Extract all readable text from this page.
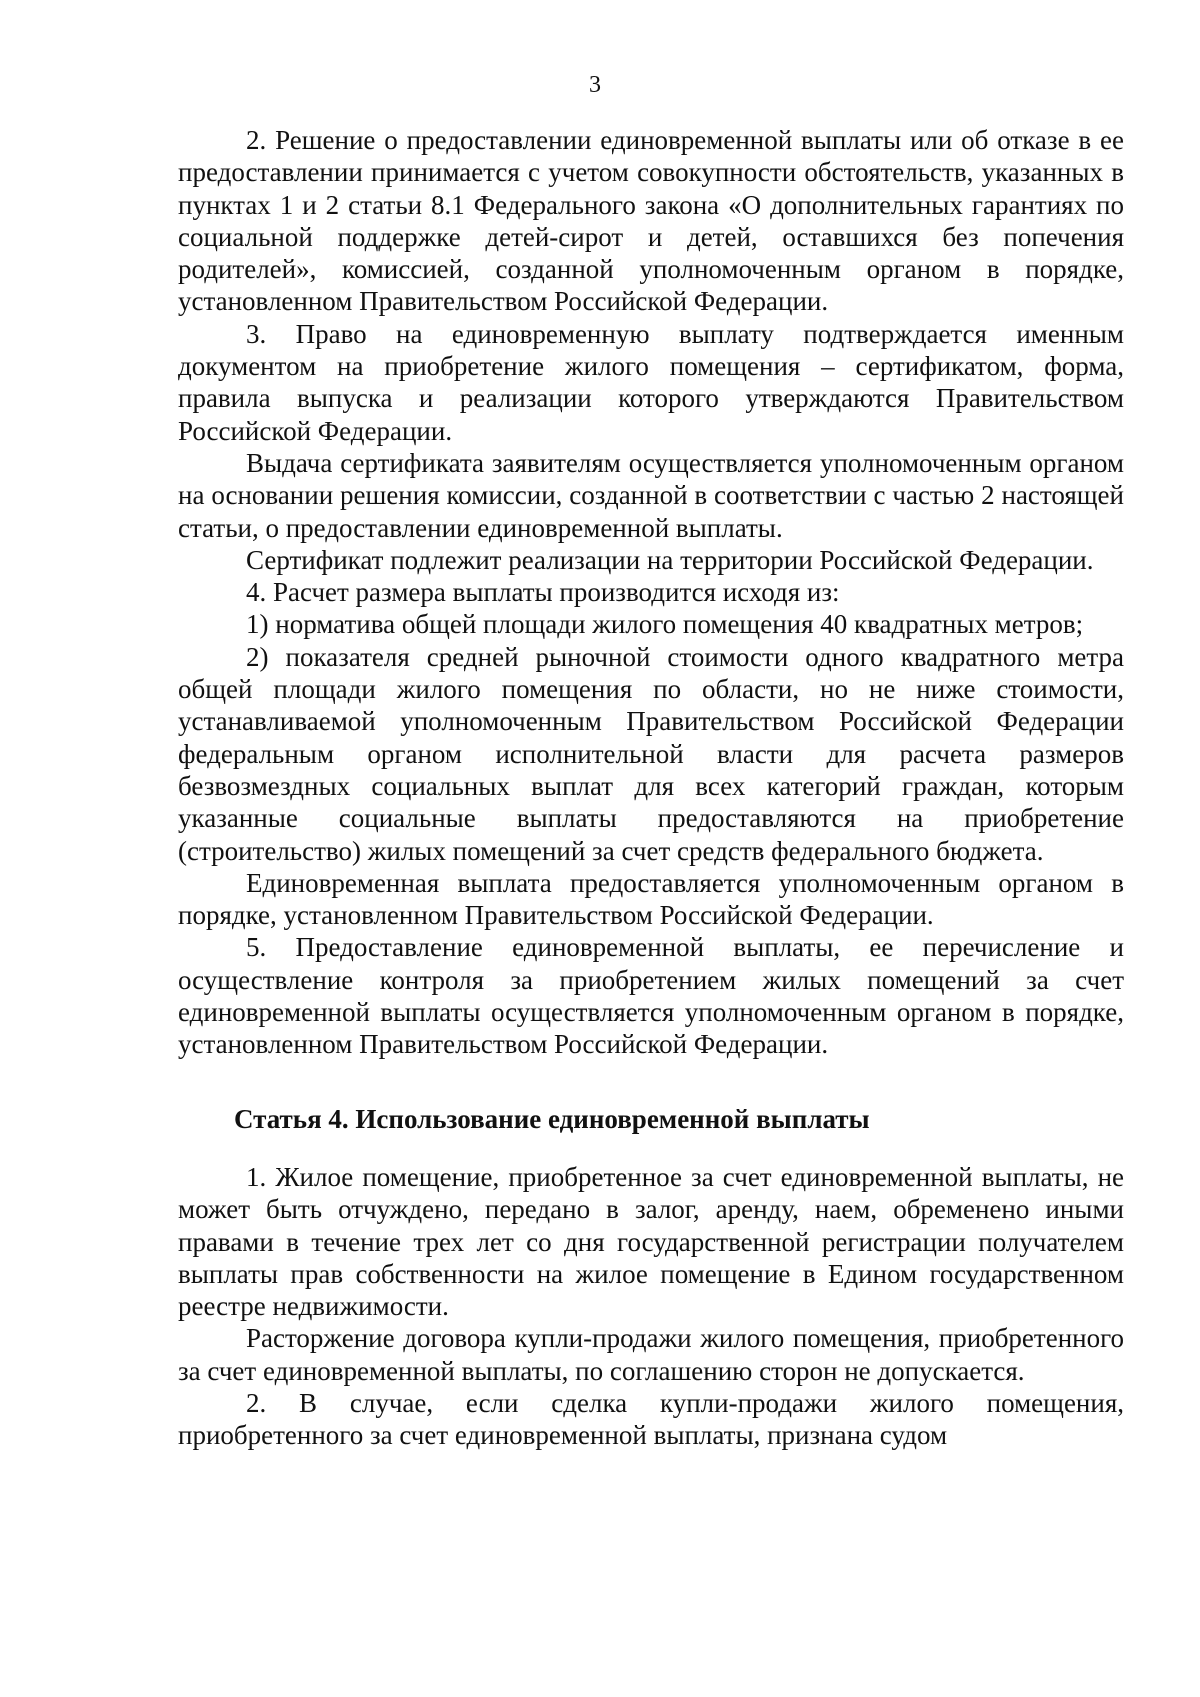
3

2. Решение о предоставлении единовременной выплаты или об отказе в ее предоставлении принимается с учетом совокупности обстоятельств, указанных в пунктах 1 и 2 статьи 8.1 Федерального закона «О дополнительных гарантиях по социальной поддержке детей-сирот и детей, оставшихся без попечения родителей», комиссией, созданной уполномоченным органом в порядке, установленном Правительством Российской Федерации.

3. Право на единовременную выплату подтверждается именным документом на приобретение жилого помещения – сертификатом, форма, правила выпуска и реализации которого утверждаются Правительством Российской Федерации.

Выдача сертификата заявителям осуществляется уполномоченным органом на основании решения комиссии, созданной в соответствии с частью 2 настоящей статьи, о предоставлении единовременной выплаты.

Сертификат подлежит реализации на территории Российской Федерации.

4. Расчет размера выплаты производится исходя из:

1) норматива общей площади жилого помещения 40 квадратных метров;

2) показателя средней рыночной стоимости одного квадратного метра общей площади жилого помещения по области, но не ниже стоимости, устанавливаемой уполномоченным Правительством Российской Федерации федеральным органом исполнительной власти для расчета размеров безвозмездных социальных выплат для всех категорий граждан, которым указанные социальные выплаты предоставляются на приобретение (строительство) жилых помещений за счет средств федерального бюджета.

Единовременная выплата предоставляется уполномоченным органом в порядке, установленном Правительством Российской Федерации.

5. Предоставление единовременной выплаты, ее перечисление и осуществление контроля за приобретением жилых помещений за счет единовременной выплаты осуществляется уполномоченным органом в порядке, установленном Правительством Российской Федерации.

Статья 4. Использование единовременной выплаты

1. Жилое помещение, приобретенное за счет единовременной выплаты, не может быть отчуждено, передано в залог, аренду, наем, обременено иными правами в течение трех лет со дня государственной регистрации получателем выплаты прав собственности на жилое помещение в Едином государственном реестре недвижимости.

Расторжение договора купли-продажи жилого помещения, приобретенного за счет единовременной выплаты, по соглашению сторон не допускается.

2. В случае, если сделка купли-продажи жилого помещения, приобретенного за счет единовременной выплаты, признана судом
